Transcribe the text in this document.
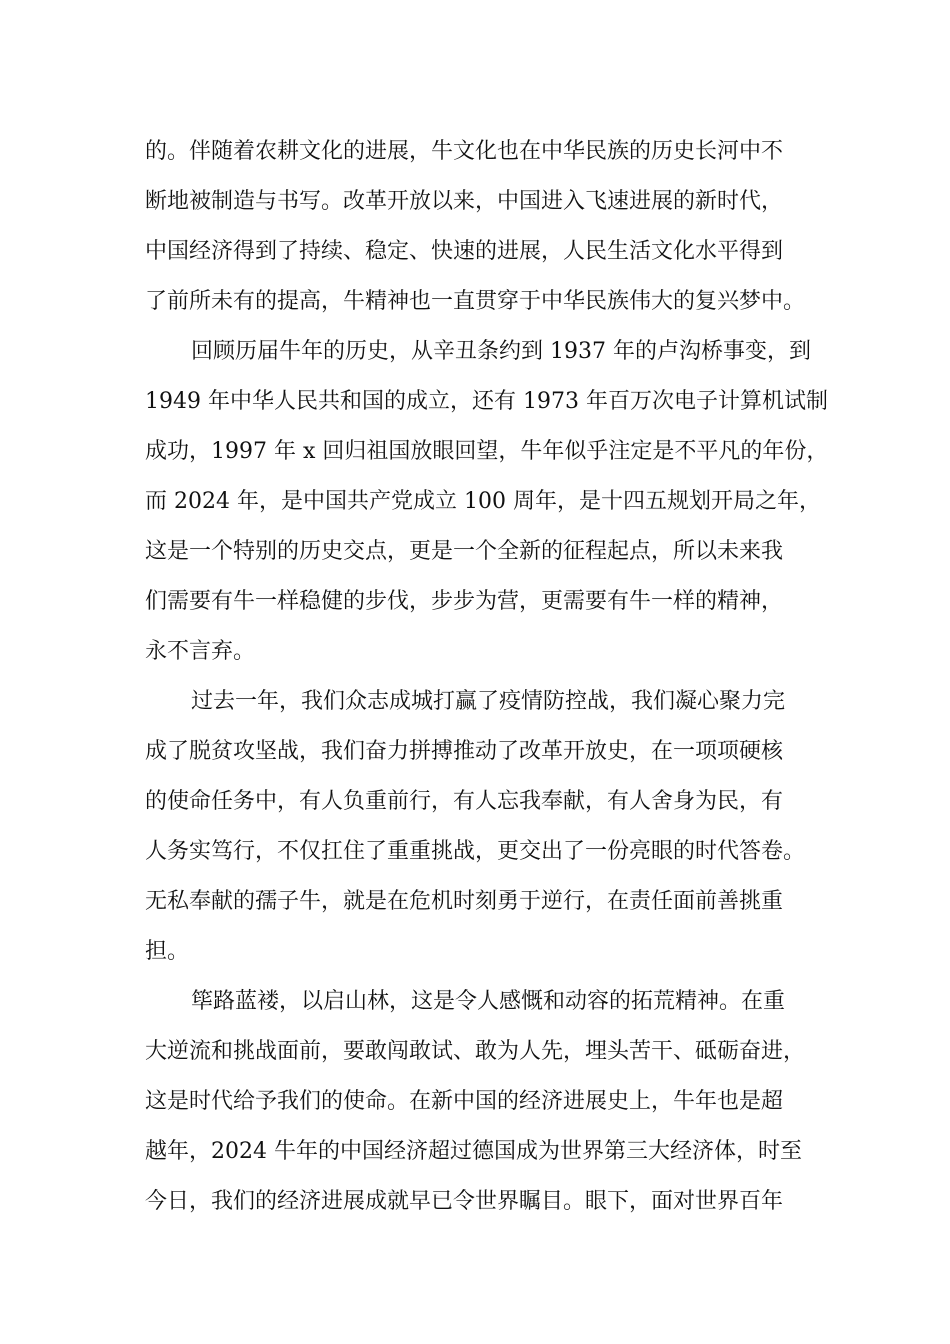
的。伴随着农耕文化的进展，牛文化也在中华民族的历史长河中不
断地被制造与书写。改革开放以来，中国进入飞速进展的新时代，
中国经济得到了持续、稳定、快速的进展，人民生活文化水平得到
了前所未有的提高，牛精神也一直贯穿于中华民族伟大的复兴梦中。
回顾历届牛年的历史，从辛丑条约到 1937 年的卢沟桥事变，到
1949 年中华人民共和国的成立，还有 1973 年百万次电子计算机试制
成功，1997 年 x 回归祖国放眼回望，牛年似乎注定是不平凡的年份，
而 2024 年，是中国共产党成立 100 周年，是十四五规划开局之年，
这是一个特别的历史交点，更是一个全新的征程起点，所以未来我
们需要有牛一样稳健的步伐，步步为营，更需要有牛一样的精神，
永不言弃。
过去一年，我们众志成城打赢了疫情防控战，我们凝心聚力完
成了脱贫攻坚战，我们奋力拼搏推动了改革开放史，在一项项硬核
的使命任务中，有人负重前行，有人忘我奉献，有人舍身为民，有
人务实笃行，不仅扛住了重重挑战，更交出了一份亮眼的时代答卷。
无私奉献的孺子牛，就是在危机时刻勇于逆行，在责任面前善挑重
担。
筚路蓝褛，以启山林，这是令人感慨和动容的拓荒精神。在重
大逆流和挑战面前，要敢闯敢试、敢为人先，埋头苦干、砥砺奋进，
这是时代给予我们的使命。在新中国的经济进展史上，牛年也是超
越年，2024 牛年的中国经济超过德国成为世界第三大经济体，时至
今日，我们的经济进展成就早已令世界瞩目。眼下，面对世界百年
